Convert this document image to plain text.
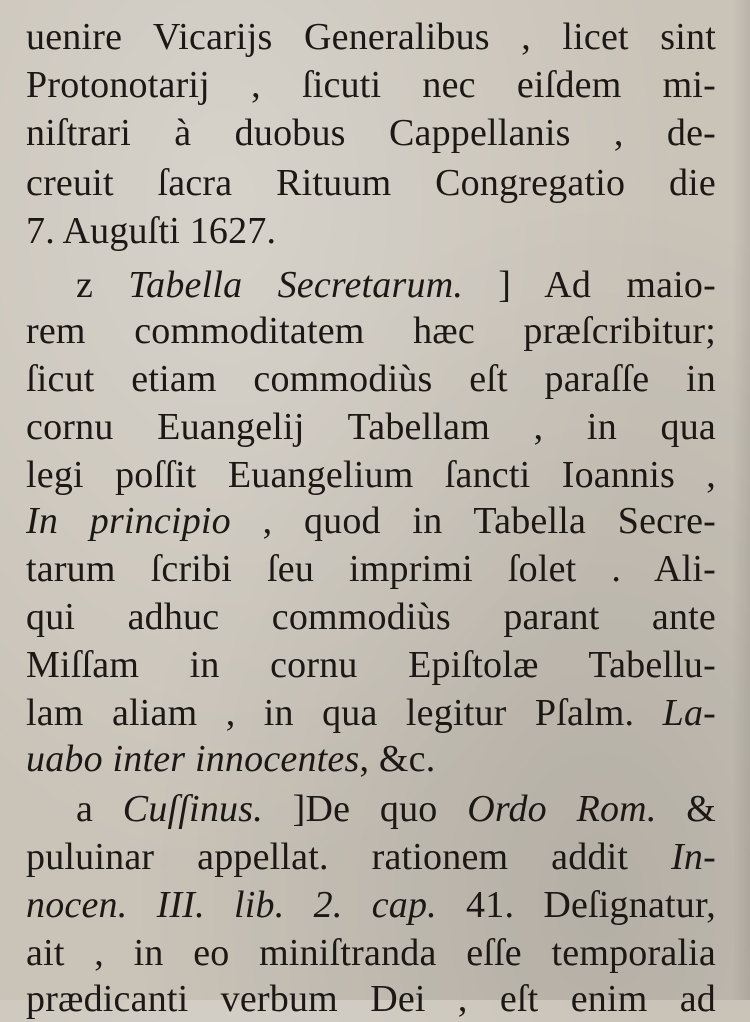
uenire Vicarijs Generalibus , licet sint
Protonotarij , ſicuti nec eiſdem mi-
niſtrari à duobus Cappellanis , de-
creuit ſacra Rituum Congregatio die
7. Auguſti 1627.
z Tabella Secretarum. ] Ad maio-
rem commoditatem hæc præſcribitur;
ſicut etiam commodiùs eſt paraſſe in
cornu Euangelij Tabellam , in qua
legi poſſit Euangelium ſancti Ioannis ,
In principio , quod in Tabella Secre-
tarum ſcribi ſeu imprimi ſolet . Ali-
qui adhuc commodiùs parant ante
Miſſam in cornu Epiſtolæ Tabellu-
lam aliam , in qua legitur Pſalm. La-
uabo inter innocentes, &c.
a Cuſſinus. ]De quo Ordo Rom. &
puluinar appellat. rationem addit In-
nocen. III. lib. 2. cap. 41. Deſignatur,
ait , in eo miniſtranda eſſe temporalia
prædicanti verbum Dei , eſt enim ad
